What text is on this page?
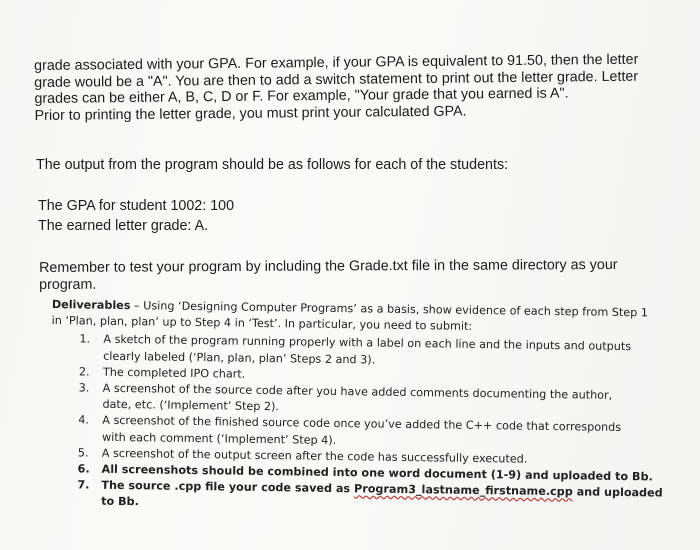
grade associated with your GPA. For example, if your GPA is equivalent to 91.50, then the letter
grade would be a "A". You are then to add a switch statement to print out the letter grade. Letter
grades can be either A, B, C, D or F. For example, "Your grade that you earned is A".
Prior to printing the letter grade, you must print your calculated GPA.
The output from the program should be as follows for each of the students:
The GPA for student 1002: 100
The earned letter grade: A.
Remember to test your program by including the Grade.txt file in the same directory as your
program.
Deliverables – Using ‘Designing Computer Programs’ as a basis, show evidence of each step from Step 1
in ‘Plan, plan, plan’ up to Step 4 in ‘Test’. In particular, you need to submit:
1.	A sketch of the program running properly with a label on each line and the inputs and outputs
clearly labeled (‘Plan, plan, plan’ Steps 2 and 3).
2.	The completed IPO chart.
3.	A screenshot of the source code after you have added comments documenting the author,
date, etc. (‘Implement’ Step 2).
4.	A screenshot of the finished source code once you’ve added the C++ code that corresponds
with each comment (‘Implement’ Step 4).
5.	A screenshot of the output screen after the code has successfully executed.
6.	All screenshots should be combined into one word document (1-9) and uploaded to Bb.
7.	The source .cpp file your code saved as Program3_lastname_firstname.cpp and uploaded
to Bb.
